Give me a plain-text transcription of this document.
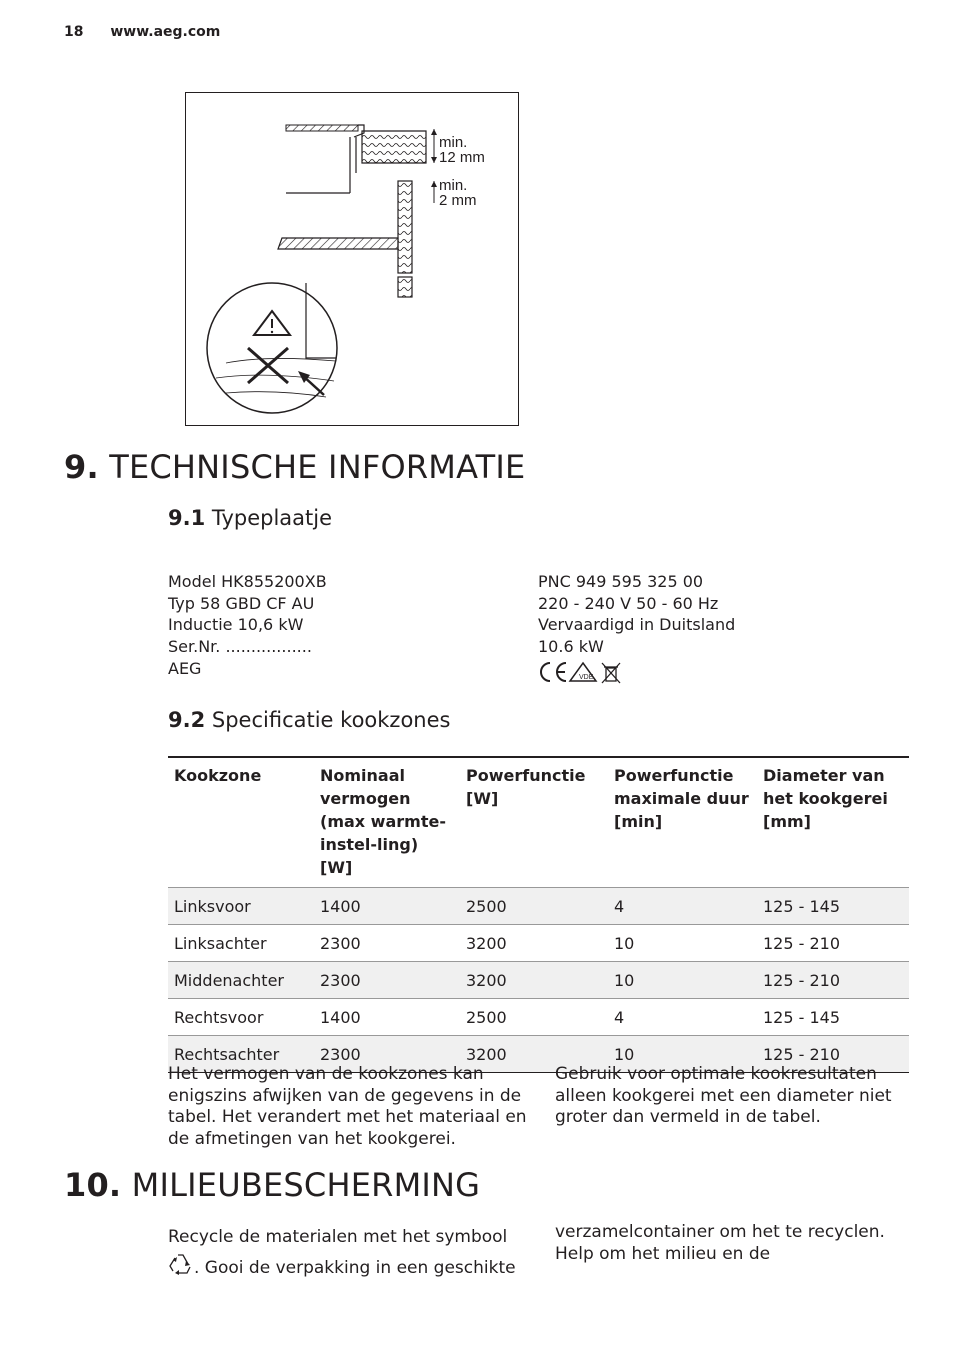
18 www.aeg.com
min.
12 mm
min.
2 mm
9. TECHNISCHE INFORMATIE
9.1 Typeplaatje
Model HK855200XB
Typ 58 GBD CF AU
Inductie 10,6 kW
Ser.Nr. .................
AEG
PNC 949 595 325 00
220 - 240 V 50 - 60 Hz
Vervaardigd in Duitsland
10.6 kW
VDE
9.2 Specificatie kookzones
Kookzone	Nominaal vermogen (max warmte-instel-ling) [W]	Powerfunctie [W]	Powerfunctie maximale duur [min]	Diameter van het kookgerei [mm]
Linksvoor	1400	2500	4	125 - 145
Linksachter	2300	3200	10	125 - 210
Middenachter	2300	3200	10	125 - 210
Rechtsvoor	1400	2500	4	125 - 145
Rechtsachter	2300	3200	10	125 - 210
Het vermogen van de kookzones kan enigszins afwijken van de gegevens in de tabel. Het verandert met het materiaal en de afmetingen van het kookgerei.
Gebruik voor optimale kookresultaten alleen kookgerei met een diameter niet groter dan vermeld in de tabel.
10. MILIEUBESCHERMING
Recycle de materialen met het symbool
. Gooi de verpakking in een geschikte
verzamelcontainer om het te recyclen. Help om het milieu en de
